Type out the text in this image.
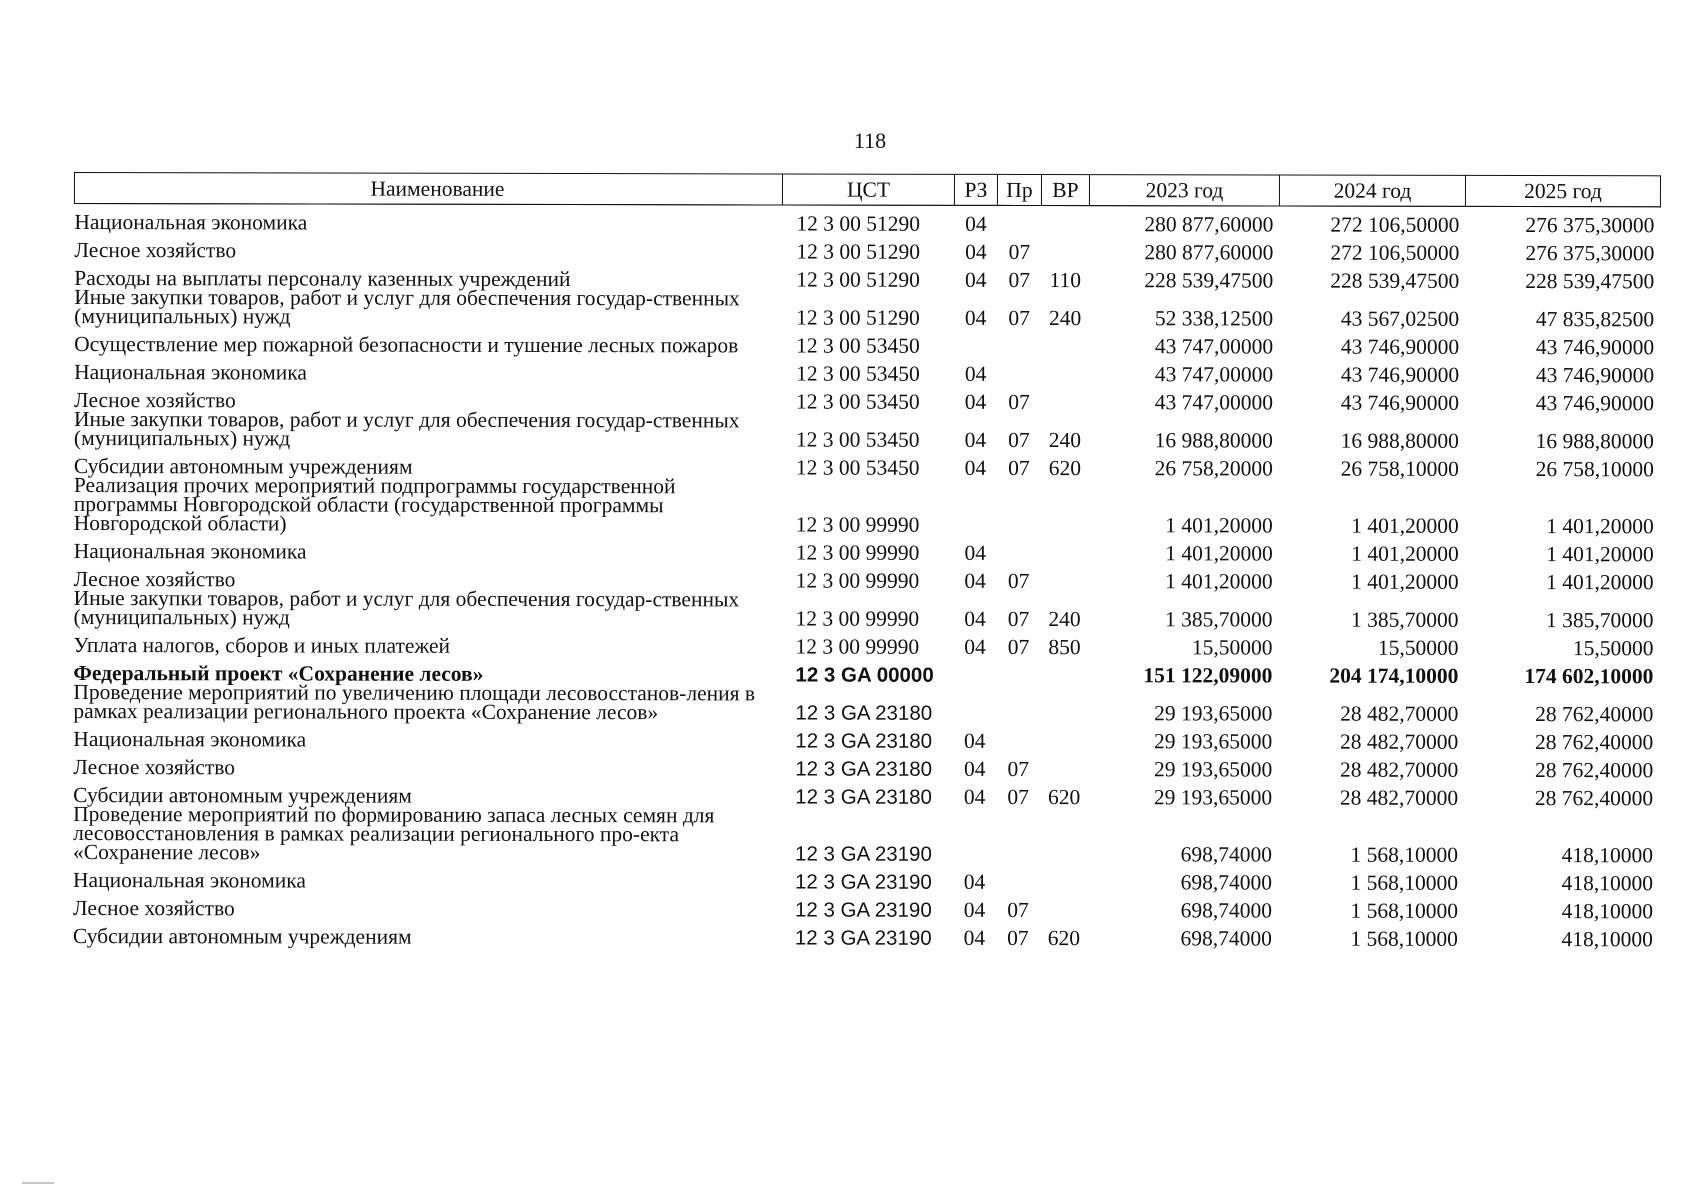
118
Наименование	ЦСТ	РЗ	Пр	ВР	2023 год	2024 год	2025 год
Национальная экономика	12 3 00 51290	04			280 877,60000	272 106,50000	276 375,30000
Лесное хозяйство	12 3 00 51290	04	07		280 877,60000	272 106,50000	276 375,30000
Расходы на выплаты персоналу казенных учреждений	12 3 00 51290	04	07	110	228 539,47500	228 539,47500	228 539,47500
Иные закупки товаров, работ и услуг для обеспечения государ-ственных (муниципальных) нужд	12 3 00 51290	04	07	240	52 338,12500	43 567,02500	47 835,82500
Осуществление мер пожарной безопасности и тушение лесных пожаров	12 3 00 53450				43 747,00000	43 746,90000	43 746,90000
Национальная экономика	12 3 00 53450	04			43 747,00000	43 746,90000	43 746,90000
Лесное хозяйство	12 3 00 53450	04	07		43 747,00000	43 746,90000	43 746,90000
Иные закупки товаров, работ и услуг для обеспечения государ-ственных (муниципальных) нужд	12 3 00 53450	04	07	240	16 988,80000	16 988,80000	16 988,80000
Субсидии автономным учреждениям	12 3 00 53450	04	07	620	26 758,20000	26 758,10000	26 758,10000
Реализация прочих мероприятий подпрограммы государственной программы Новгородской области (государственной программы Новгородской области)	12 3 00 99990				1 401,20000	1 401,20000	1 401,20000
Национальная экономика	12 3 00 99990	04			1 401,20000	1 401,20000	1 401,20000
Лесное хозяйство	12 3 00 99990	04	07		1 401,20000	1 401,20000	1 401,20000
Иные закупки товаров, работ и услуг для обеспечения государ-ственных (муниципальных) нужд	12 3 00 99990	04	07	240	1 385,70000	1 385,70000	1 385,70000
Уплата налогов, сборов и иных платежей	12 3 00 99990	04	07	850	15,50000	15,50000	15,50000
Федеральный проект «Сохранение лесов»	12 3 GA 00000				151 122,09000	204 174,10000	174 602,10000
Проведение мероприятий по увеличению площади лесовосстанов-ления в рамках реализации регионального проекта «Сохранение лесов»	12 3 GA 23180				29 193,65000	28 482,70000	28 762,40000
Национальная экономика	12 3 GA 23180	04			29 193,65000	28 482,70000	28 762,40000
Лесное хозяйство	12 3 GA 23180	04	07		29 193,65000	28 482,70000	28 762,40000
Субсидии автономным учреждениям	12 3 GA 23180	04	07	620	29 193,65000	28 482,70000	28 762,40000
Проведение мероприятий по формированию запаса лесных семян для лесовосстановления в рамках реализации регионального про-екта «Сохранение лесов»	12 3 GA 23190				698,74000	1 568,10000	418,10000
Национальная экономика	12 3 GA 23190	04			698,74000	1 568,10000	418,10000
Лесное хозяйство	12 3 GA 23190	04	07		698,74000	1 568,10000	418,10000
Субсидии автономным учреждениям	12 3 GA 23190	04	07	620	698,74000	1 568,10000	418,10000
